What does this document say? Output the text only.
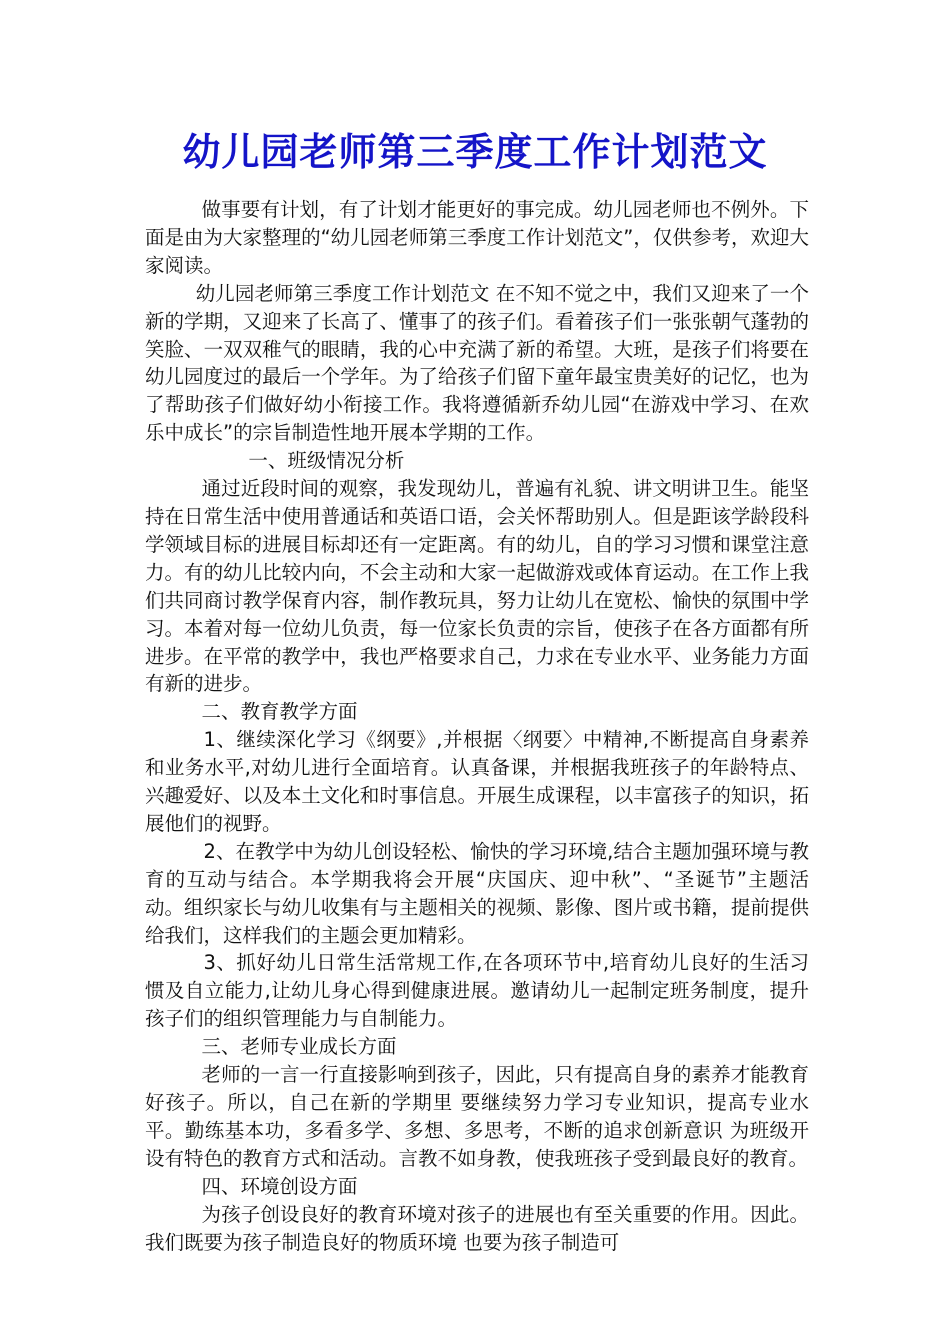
幼儿园老师第三季度工作计划范文

做事要有计划，有了计划才能更好的事完成。幼儿园老师也不例外。下面是由为大家整理的“幼儿园老师第三季度工作计划范文”，仅供参考，欢迎大家阅读。

幼儿园老师第三季度工作计划范文 在不知不觉之中，我们又迎来了一个新的学期，又迎来了长高了、懂事了的孩子们。看着孩子们一张张朝气蓬勃的笑脸、一双双稚气的眼睛，我的心中充满了新的希望。大班，是孩子们将要在幼儿园度过的最后一个学年。为了给孩子们留下童年最宝贵美好的记忆，也为了帮助孩子们做好幼小衔接工作。我将遵循新乔幼儿园“在游戏中学习、在欢乐中成长”的宗旨制造性地开展本学期的工作。

一、班级情况分析

通过近段时间的观察，我发现幼儿，普遍有礼貌、讲文明讲卫生。能坚持在日常生活中使用普通话和英语口语，会关怀帮助别人。但是距该学龄段科学领域目标的进展目标却还有一定距离。有的幼儿，自的学习习惯和课堂注意力。有的幼儿比较内向，不会主动和大家一起做游戏或体育运动。在工作上我们共同商讨教学保育内容，制作教玩具，努力让幼儿在宽松、愉快的氛围中学习。本着对每一位幼儿负责，每一位家长负责的宗旨，使孩子在各方面都有所进步。在平常的教学中，我也严格要求自己，力求在专业水平、业务能力方面有新的进步。

二、教育教学方面

1、继续深化学习《纲要》,并根据〈纲要〉中精神,不断提高自身素养和业务水平,对幼儿进行全面培育。认真备课，并根据我班孩子的年龄特点、兴趣爱好、以及本土文化和时事信息。开展生成课程，以丰富孩子的知识，拓展他们的视野。

2、在教学中为幼儿创设轻松、愉快的学习环境,结合主题加强环境与教育的互动与结合。本学期我将会开展“庆国庆、迎中秋”、“圣诞节”主题活动。组织家长与幼儿收集有与主题相关的视频、影像、图片或书籍，提前提供给我们，这样我们的主题会更加精彩。

3、抓好幼儿日常生活常规工作,在各项环节中,培育幼儿良好的生活习惯及自立能力,让幼儿身心得到健康进展。邀请幼儿一起制定班务制度，提升孩子们的组织管理能力与自制能力。

三、老师专业成长方面

老师的一言一行直接影响到孩子，因此，只有提高自身的素养才能教育好孩子。所以，自己在新的学期里 要继续努力学习专业知识，提高专业水平。勤练基本功，多看多学、多想、多思考，不断的追求创新意识 为班级开设有特色的教育方式和活动。言教不如身教，使我班孩子受到最良好的教育。

四、环境创设方面

为孩子创设良好的教育环境对孩子的进展也有至关重要的作用。因此。我们既要为孩子制造良好的物质环境 也要为孩子制造可
